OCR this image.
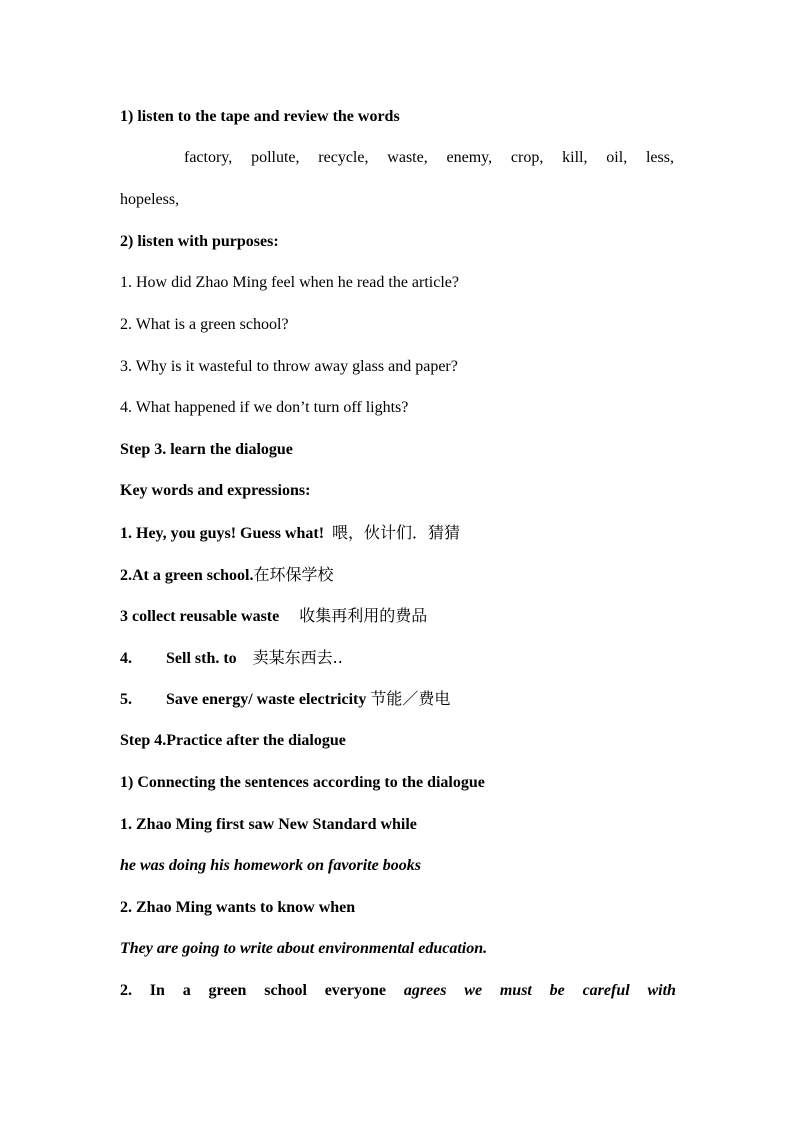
1) listen to the tape and review the words
factory, pollute, recycle, waste, enemy, crop, kill, oil, less,
hopeless,
2) listen with purposes:
1. How did Zhao Ming feel when he read the article?
2. What is a green school?
3. Why is it wasteful to throw away glass and paper?
4. What happened if we don’t turn off lights?
Step 3. learn the dialogue
Key words and expressions:
1. Hey, you guys! Guess what! 喂，伙计们．猜猜
2.At a green school.在环保学校
3 collect reusable waste 收集再利用的费品
4. Sell sth. to 卖某东西去..
5. Save energy/ waste electricity 节能／费电
Step 4.Practice after the dialogue
1) Connecting the sentences according to the dialogue
1. Zhao Ming first saw New Standard while
he was doing his homework on favorite books
2. Zhao Ming wants to know when
They are going to write about environmental education.
2. In a green school everyone agrees we must be careful with
